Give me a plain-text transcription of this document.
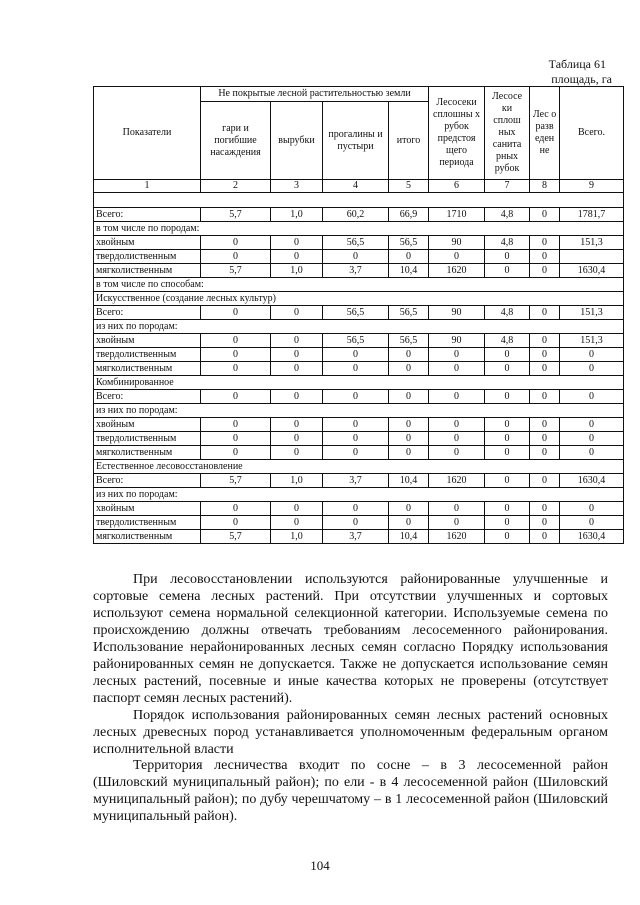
Таблица 61
площадь, га
Показатели	Не покрытые лесной растительностью земли				Лесосеки сплошны х рубок предстоя щего периода	Лесосе ки сплош ных санита рных рубок	Лес о разв еден не	Всего.
	гари и погибшие насаждения	вырубки	прогалины и пустыри	итого				
1	2	3	4	5	6	7	8	9

Всего:	5,7	1,0	60,2	66,9	1710	4,8	0	1781,7
в том числе по породам:								
хвойным	0	0	56,5	56,5	90	4,8	0	151,3
твердолиственным	0	0	0	0	0	0	0	
мягколиственным	5,7	1,0	3,7	10,4	1620	0	0	1630,4
в том числе по способам:								
Искусственное (создание лесных культур)								
Всего:	0	0	56,5	56,5	90	4,8	0	151,3
из них по породам:								
хвойным	0	0	56,5	56,5	90	4,8	0	151,3
твердолиственным	0	0	0	0	0	0	0	0
мягколиственным	0	0	0	0	0	0	0	0
Комбинированное								
Всего:	0	0	0	0	0	0	0	0
из них по породам:								
хвойным	0	0	0	0	0	0	0	0
твердолиственным	0	0	0	0	0	0	0	0
мягколиственным	0	0	0	0	0	0	0	0
Естественное лесовосстановление								
Всего:	5,7	1,0	3,7	10,4	1620	0	0	1630,4
из них по породам:								
хвойным	0	0	0	0	0	0	0	0
твердолиственным	0	0	0	0	0	0	0	0
мягколиственным	5,7	1,0	3,7	10,4	1620	0	0	1630,4
При лесовосстановлении используются районированные улучшенные и сортовые семена лесных растений. При отсутствии улучшенных и сортовых используют семена нормальной селекционной категории. Используемые семена по происхождению должны отвечать требованиям лесосеменного районирования. Использование нерайонированных лесных семян согласно Порядку использования районированных семян не допускается. Также не допускается использование семян лесных растений, посевные и иные качества которых не проверены (отсутствует паспорт семян лесных растений).
Порядок использования районированных семян лесных растений основных лесных древесных пород устанавливается уполномоченным федеральным органом исполнительной власти
Территория лесничества входит по сосне – в 3 лесосеменной район (Шиловский муниципальный район); по ели - в 4 лесосеменной район (Шиловский муниципальный район); по дубу черешчатому – в 1 лесосеменной район (Шиловский муниципальный район).
104
